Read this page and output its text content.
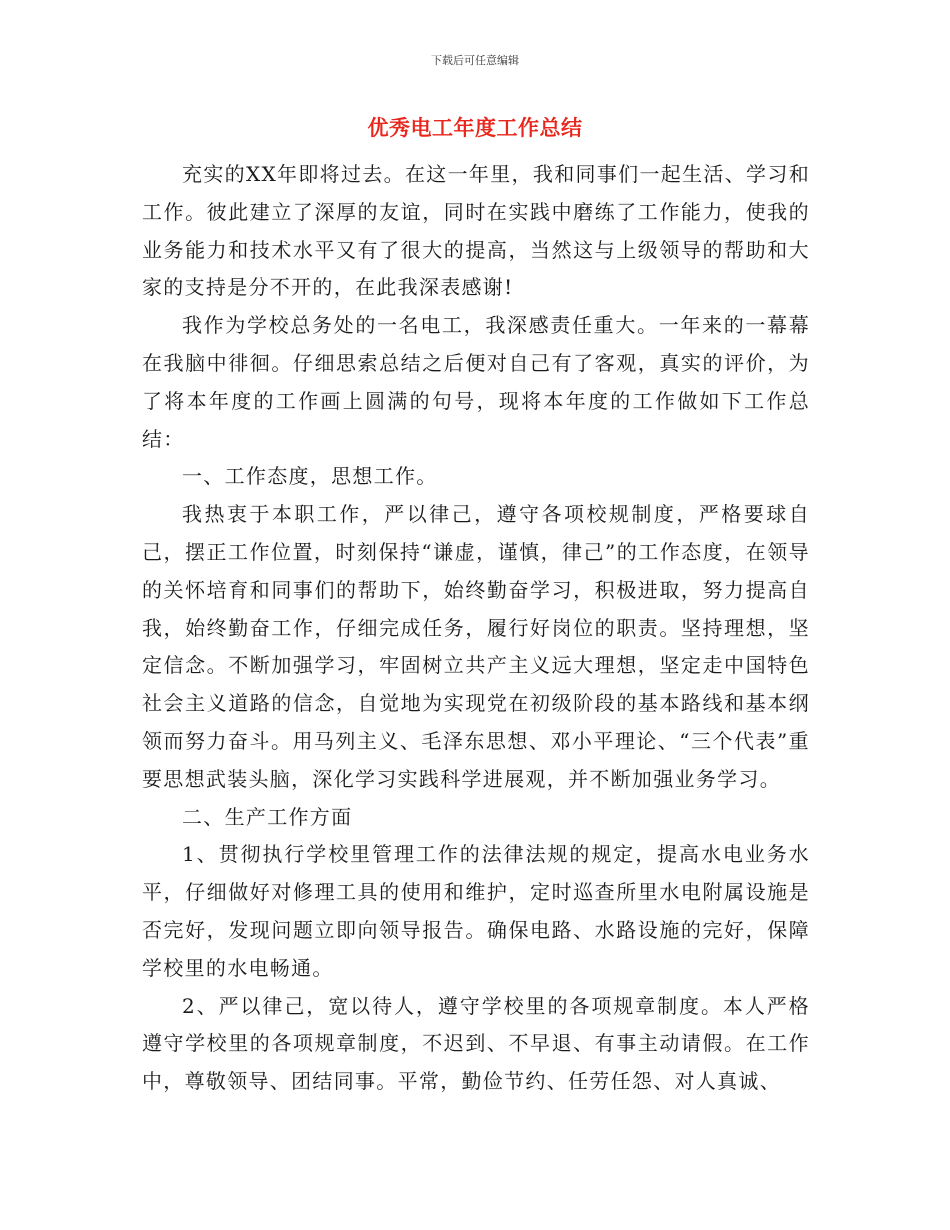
下载后可任意编辑
优秀电工年度工作总结

充实的XX年即将过去。在这一年里，我和同事们一起生活、学习和工作。彼此建立了深厚的友谊，同时在实践中磨练了工作能力，使我的业务能力和技术水平又有了很大的提高，当然这与上级领导的帮助和大家的支持是分不开的，在此我深表感谢!

我作为学校总务处的一名电工，我深感责任重大。一年来的一幕幕在我脑中徘徊。仔细思索总结之后便对自己有了客观，真实的评价，为了将本年度的工作画上圆满的句号，现将本年度的工作做如下工作总结：

一、工作态度，思想工作。

我热衷于本职工作，严以律己，遵守各项校规制度，严格要球自己，摆正工作位置，时刻保持“谦虚，谨慎，律己”的工作态度，在领导的关怀培育和同事们的帮助下，始终勤奋学习，积极进取，努力提高自我，始终勤奋工作，仔细完成任务，履行好岗位的职责。坚持理想，坚定信念。不断加强学习，牢固树立共产主义远大理想，坚定走中国特色社会主义道路的信念，自觉地为实现党在初级阶段的基本路线和基本纲领而努力奋斗。用马列主义、毛泽东思想、邓小平理论、“三个代表”重要思想武装头脑，深化学习实践科学进展观，并不断加强业务学习。

二、生产工作方面

1、贯彻执行学校里管理工作的法律法规的规定，提高水电业务水平，仔细做好对修理工具的使用和维护，定时巡查所里水电附属设施是否完好，发现问题立即向领导报告。确保电路、水路设施的完好，保障学校里的水电畅通。

2、严以律己，宽以待人，遵守学校里的各项规章制度。本人严格遵守学校里的各项规章制度，不迟到、不早退、有事主动请假。在工作中，尊敬领导、团结同事。平常，勤俭节约、任劳任怨、对人真诚、
